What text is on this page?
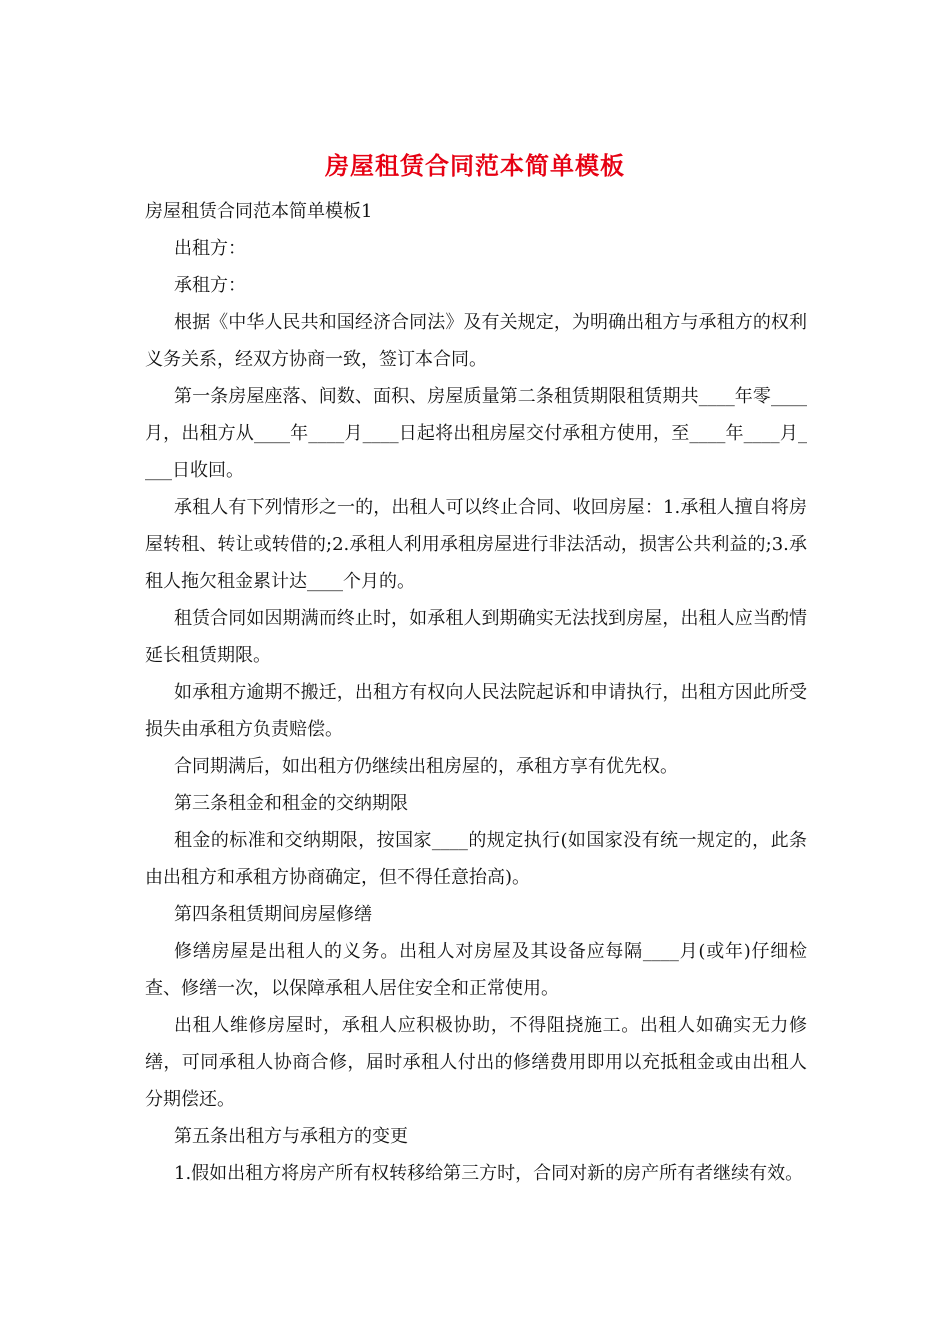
房屋租赁合同范本简单模板

房屋租赁合同范本简单模板1

出租方：

承租方：

根据《中华人民共和国经济合同法》及有关规定，为明确出租方与承租方的权利义务关系，经双方协商一致，签订本合同。

第一条房屋座落、间数、面积、房屋质量第二条租赁期限租赁期共____年零____月，出租方从____年____月____日起将出租房屋交付承租方使用，至____年____月____日收回。

承租人有下列情形之一的，出租人可以终止合同、收回房屋：1.承租人擅自将房屋转租、转让或转借的;2.承租人利用承租房屋进行非法活动，损害公共利益的;3.承租人拖欠租金累计达____个月的。

租赁合同如因期满而终止时，如承租人到期确实无法找到房屋，出租人应当酌情延长租赁期限。

如承租方逾期不搬迁，出租方有权向人民法院起诉和申请执行，出租方因此所受损失由承租方负责赔偿。

合同期满后，如出租方仍继续出租房屋的，承租方享有优先权。

第三条租金和租金的交纳期限

租金的标准和交纳期限，按国家____的规定执行(如国家没有统一规定的，此条由出租方和承租方协商确定，但不得任意抬高)。

第四条租赁期间房屋修缮

修缮房屋是出租人的义务。出租人对房屋及其设备应每隔____月(或年)仔细检查、修缮一次，以保障承租人居住安全和正常使用。

出租人维修房屋时，承租人应积极协助，不得阻挠施工。出租人如确实无力修缮，可同承租人协商合修，届时承租人付出的修缮费用即用以充抵租金或由出租人分期偿还。

第五条出租方与承租方的变更

1.假如出租方将房产所有权转移给第三方时，合同对新的房产所有者继续有效。
